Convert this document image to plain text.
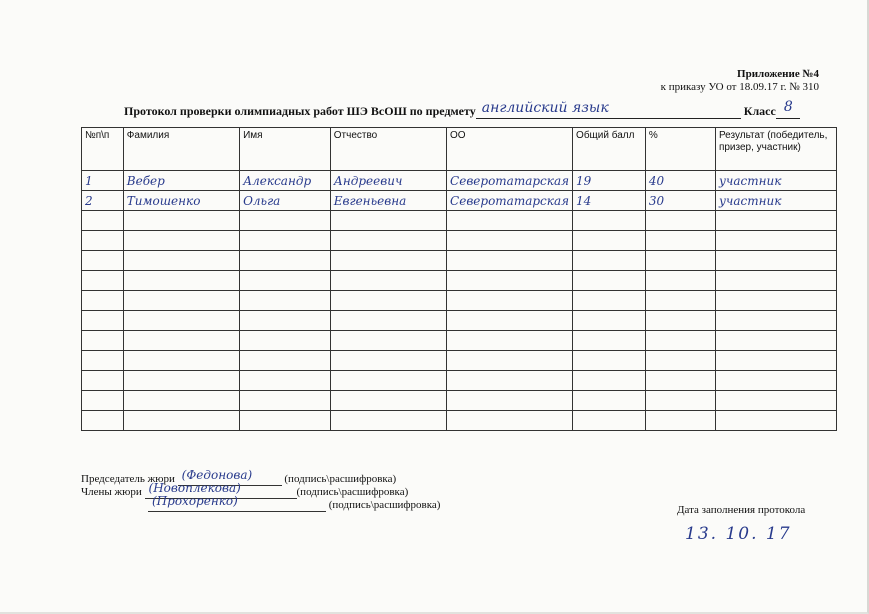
Приложение №4
к приказу УО от 18.09.17 г. № 310
Протокол проверки олимпиадных работ ШЭ ВсОШ по предмету английский язык	Класс 8
№п\п	Фамилия	Имя	Отчество	ОО	Общий балл	%	Результат (победитель, призер, участник)
1	Вебер	Александр	Андреевич	Северотатарская	19	40	участник
2	Тимошенко	Ольга	Евгеньевна	Северотатарская	14	30	участник

Председатель жюри (Федонова)	(подпись\расшифровка)
Члены жюри (Новоплекова)	(подпись\расшифровка)
(Прохоренко)	(подпись\расшифровка)	Дата заполнения протокола
13. 10. 17
